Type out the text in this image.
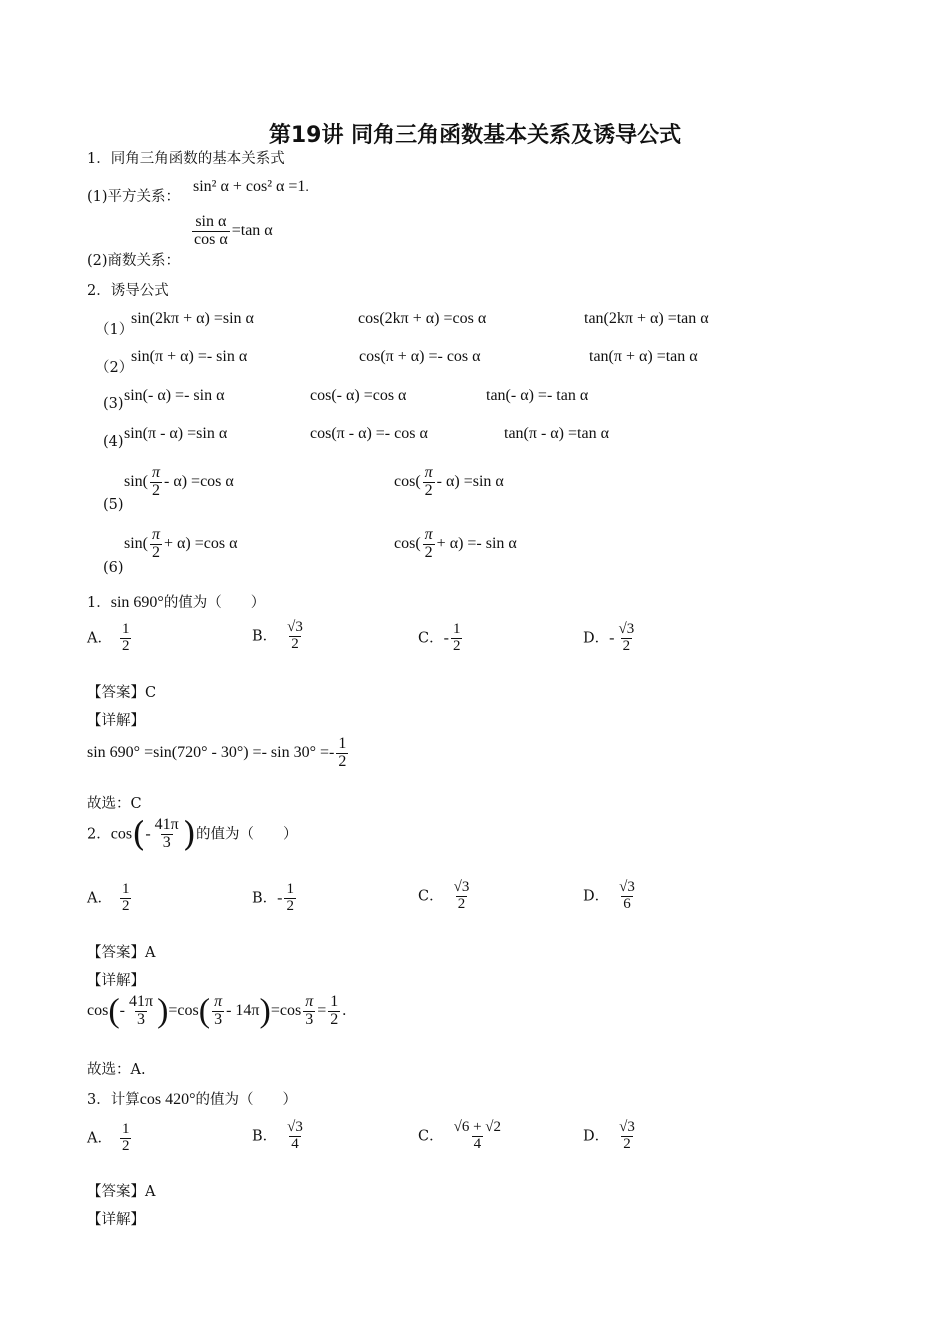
第19讲 同角三角函数基本关系及诱导公式
1．同角三角函数的基本关系式
(1)平方关系：
sin² α + cos² α =1.
(2)商数关系：
$\frac{\text{sin α}}{\text{cos α}} =\tan$ α
2．诱导公式
（1）
sin(2kπ + α) =sin α	cos(2kπ + α) =cos α	tan(2kπ + α) =tan α
（2）
sin(π + α) =- sin α	cos(π + α) =- cos α	tan(π + α) =tan α
(3) sin(- α) =- sin α	cos(- α) =cos α	tan(- α) =- tan α
(4) sin(π - α) =sin α	cos(π - α) =- cos α	tan(π - α) =tan α
(5)
$\sin( \frac{\pi}{2} - \alpha) =\cos$ α	$\cos( \frac{\pi}{2} - \alpha) =\sin$ α
(6)
$\sin( \frac{\pi}{2} + \alpha) =\cos$ α	$\cos( \frac{\pi}{2} + \alpha) =- \sin \alpha$
1．sin 690°的值为（　　）
A． $\frac{1}{2}$	B． $\frac{√3}{2}$	C．- $\frac{1}{2}$	D．- $\frac{√3}{2}$
【答案】C
【详解】
$\sin 690^\circ =\sin(720^\circ - 30^\circ) =- \sin 30^\circ =- \frac{1}{2}$
故选：C
2．$\cos(- \frac{41\pi}{3}$ )的值为（　　）
A． $\frac{1}{2}$	B．- $\frac{1}{2}$	C． $\frac{√3}{2}$	D． $\frac{√3}{6}$
【答案】A
【详解】
$\cos(- \frac{41\pi}{3} )=\cos( \frac{\pi}{3} - 14\pi)=\cos \frac{\pi}{3} = \frac{1}{2}$ .
故选：A.
3．计算cos 420°的值为（　　）
A． $\frac{1}{2}$	B． $\frac{√3}{4}$	C． $\frac{√6 + √2}{4}$	D． $\frac{√3}{2}$
【答案】A
【详解】
